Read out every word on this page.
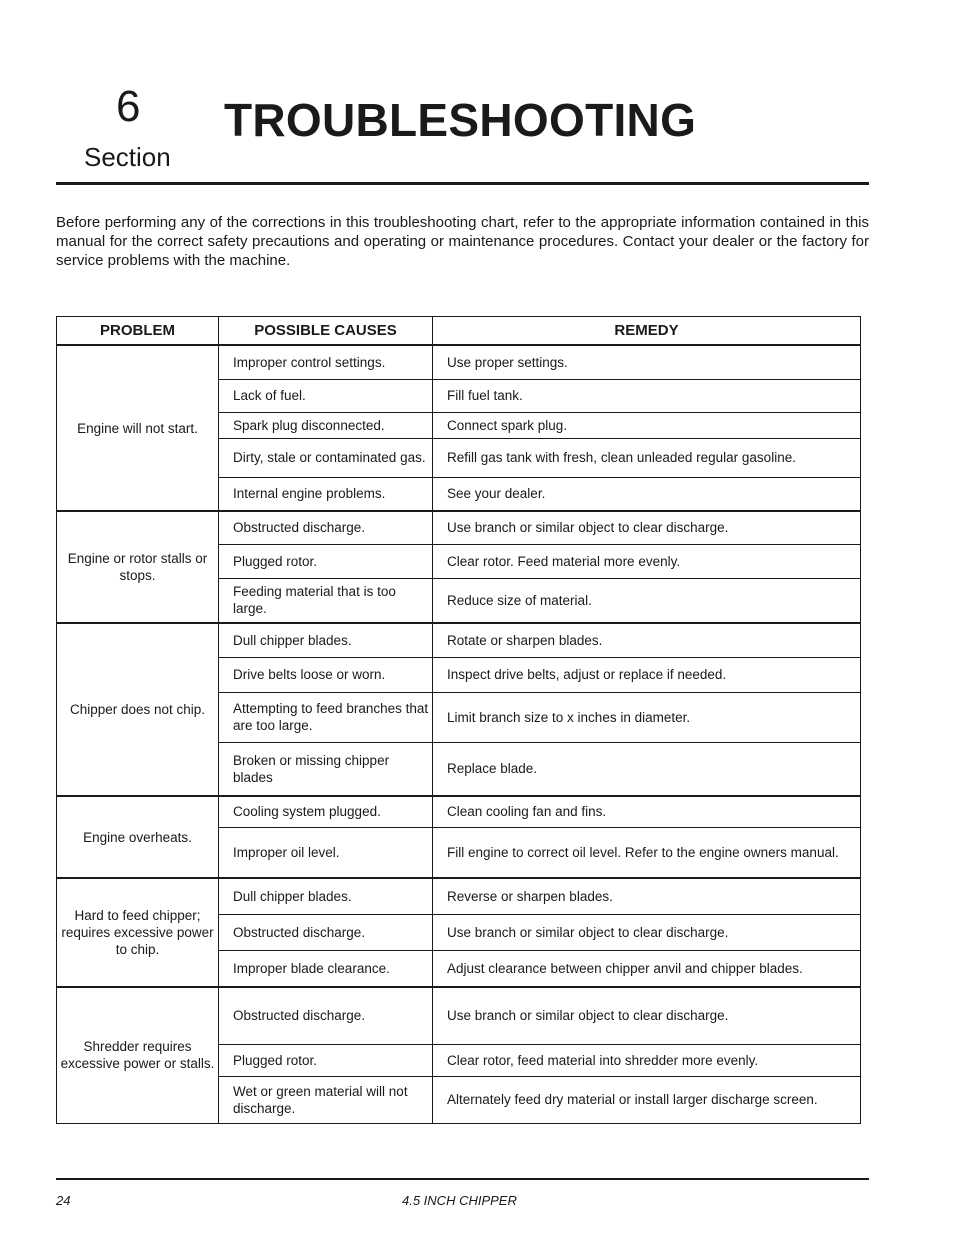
6
Section
TROUBLESHOOTING
Before performing any of the corrections in this troubleshooting chart, refer to the appropriate information contained in this manual for the correct safety precautions and operating or maintenance procedures. Contact your dealer or the factory for service problems with the machine.
PROBLEM	POSSIBLE CAUSES	REMEDY
Engine will not start.	Improper control settings.	Use proper settings.
	Lack of fuel.	Fill fuel tank.
	Spark plug disconnected.	Connect spark plug.
	Dirty, stale or contaminated gas.	Refill gas tank with fresh, clean unleaded regular gasoline.
	Internal engine problems.	See your dealer.
Engine or rotor stalls or stops.	Obstructed discharge.	Use branch or similar object to clear discharge.
	Plugged rotor.	Clear rotor. Feed material more evenly.
	Feeding material that is too large.	Reduce size of material.
Chipper does not chip.	Dull chipper blades.	Rotate or sharpen blades.
	Drive belts loose or worn.	Inspect drive belts, adjust or replace if needed.
	Attempting to feed branches that are too large.	Limit branch size to x inches in diameter.
	Broken or missing chipper blades	Replace blade.
Engine overheats.	Cooling system plugged.	Clean cooling fan and fins.
	Improper oil level.	Fill engine to correct oil level. Refer to the engine owners manual.
Hard to feed chipper; requires excessive power to chip.	Dull chipper blades.	Reverse or sharpen blades.
	Obstructed discharge.	Use branch or similar object to clear discharge.
	Improper blade clearance.	Adjust clearance between chipper anvil and chipper blades.
Shredder requires excessive power or stalls.	Obstructed discharge.	Use branch or similar object to clear discharge.
	Plugged rotor.	Clear rotor, feed material into shredder more evenly.
	Wet or green material will not discharge.	Alternately feed dry material or install larger discharge screen.
24	4.5 INCH CHIPPER
